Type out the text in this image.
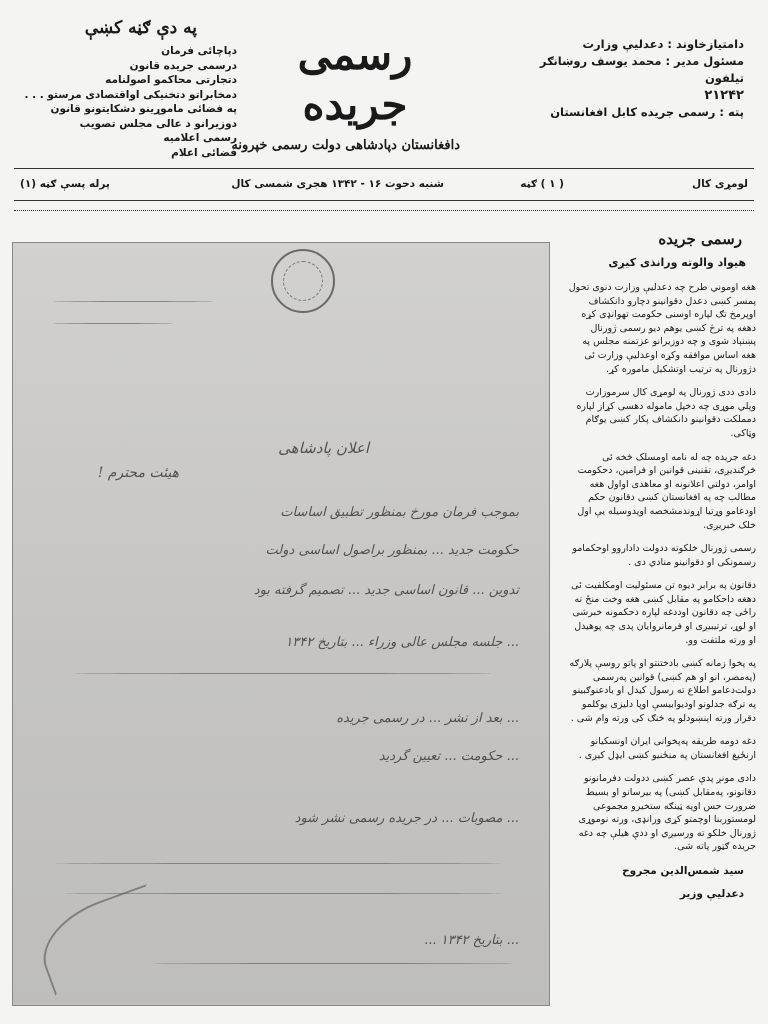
پ‍ه دې ګڼه کښې
دپاچائی فرمان
درسمی جریده قانون
دتجارتی محاکمو اصولنامه
دمخابراتو دتخنیکی اواقتصادی مرستو . . .
په فضائی ماموړینو دشکایتونو قانون
دوزیرانو د عالی مجلس تصویب
رسمی اعلامیه
فضائی اعلام
رسمی جریده
دافغانستان دپادشاهی دولت رسمی خپرونه
دامتیازخاوند : دعدلیې وزارت
مسئول مدیر : محمد یوسف روښانګر
تیلفون
۲۱۲۴۲
پته : رسمی جریده کابل افغانستان
لومړی کال
( ۱ ) ګڼه
شنبه دحوت ۱۶ - ۱۳۴۲ هجری شمسی کال
پرله پسې ګڼه (۱)
اعلان پادشاهی
هیئت محترم !
بموجب فرمان مورخ بمنظور تطبیق اساسات
حکومت جدید ... بمنظور براصول اساسی دولت
تدوین ... قانون اساسی جدید ... تصمیم گرفته بود
... جلسه مجلس عالی وزراء ... بتاریخ ۱۳۴۲
... بعد از نشر ... در رسمی جریده
... حکومت ... تعیین گردید
... مصوبات ... در جریده رسمی نشر شود
... بتاریخ ۱۳۴۲ ...
رسمی جریده
هیواد والوته ورانذی کیږی

هغه اوموني طرح چه دعدلیې وزارت دنوی تحول پمسر کښی دعدل دقوانینو دچارو دانکشاف اوپرمخ تګ لپاره اوسنی حکومت تهوانډی کړه دهغه په ترڅ کښی یوهم دیو رسمی ژورنال پښنېاد شوی و چه دوزیرانو عزتمنه مجلس په هغه اساس موافقه وکړه اوعدلیې وزارت ئی دژورنال په ترتیب اوتشکیل ماموره کړ.

دادی ددی ژورنال په لومړی کال سرموزارت وپلي موړی چه دخپل ماموله دهسی کړاز لپاره دمملکت دقوانینو دانکشاف پکار کښی یوګام وټاکی.

دغه جریده چه له نامه اومسلک څخه ئی څرګندیږی، تقنینی قوانین او فرامین، دحکومت اوامر، دولتي اعلانونه او معاهدی اواول هغه مطالب چه په افغانستان کښی دقانون حکم اودعامو وړتیا اړوندمشخصه اوپدوسیله یې اول خلک خبریږی.

رسمی ژورنال خلکوته ددولت داداروو اوحکمامو رسمونکی او دقوانینو منادي دی .

دقانون په برابر دیوه تن مسئولیت اومکلفیت ئی دهغه داحکامو په مقابل کښی هغه وخت منځ ته راځی چه دقانون اوددغه لپاره دحکمونه خبرشی او لوړ، ترتیبیږی او فرمانروایان پدی چه پوهیدل او ورته ملتفت وو.

په پخوا زمانه کښی بادختنتو او پاتو روسې پلارګه (په‌مصر، انو او هم کښی) قوانین په‌رسمی دولت‌دعامو اطلاع ته رسول کیدل او یادعنوګبینو په ترګه جدلونو اودیوابیسې اوپا دلیزی یوکلمو دقرار ورته اېنښودلو په څنګ کی ورته وام شی .

دغه دومه طریقه په‌پخوانی ایران اونسکیانو ارنځیغ افغانستان په منځنیو کښی ایډل کیږی .

دادی مونږ پدې عصر کښی ددولت دفرمانونو دقانونو، په‌مقابل کښی) په بیرسانو او بسیط ضرورت حس اوپه ټینګه ستخیرو مجموعی لومستوربنا اوچمتو کړی ورانډی، ورته نوموړی ژورنال خلکو ته ورسیږي او ددې هیلې چه دغه جریده ګټور پاته شی.

سید شمس‌الدین مجروح
دعدلیې وزیر
